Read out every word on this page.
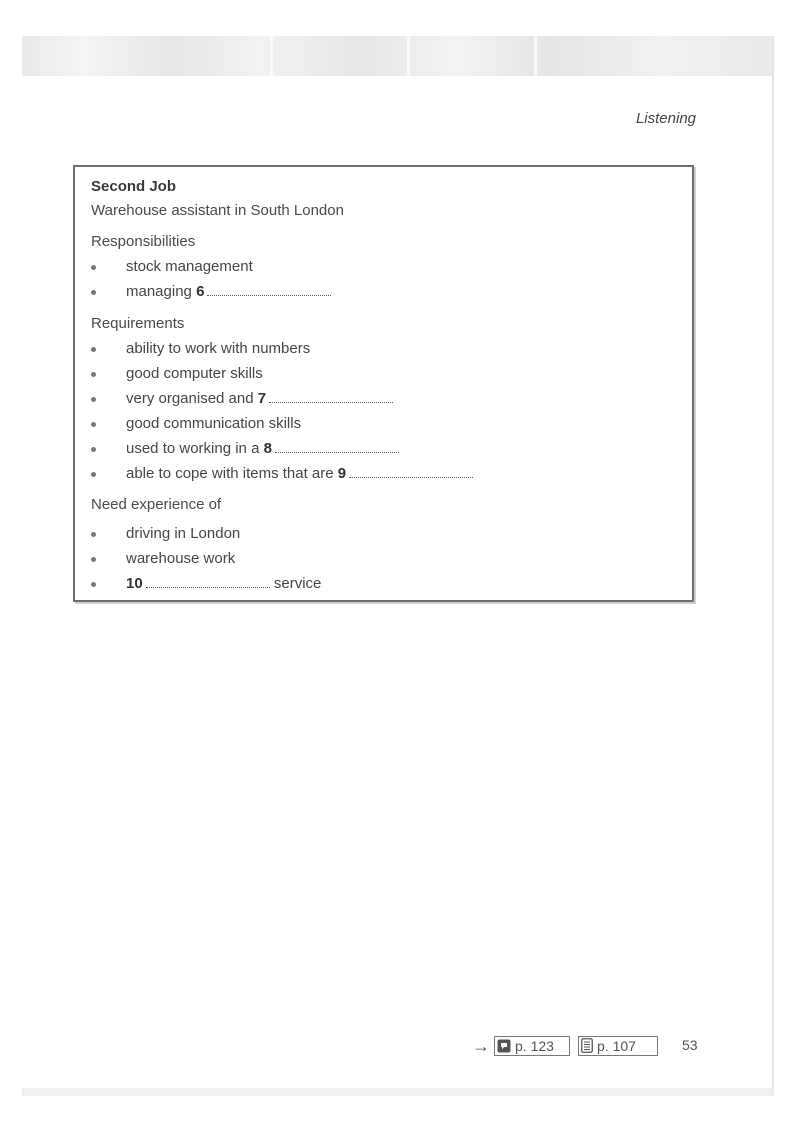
Listening
Second Job
Warehouse assistant in South London
Responsibilities
stock management
managing 6
Requirements
ability to work with numbers
good computer skills
very organised and 7
good communication skills
used to working in a 8
able to cope with items that are 9
Need experience of
driving in London
warehouse work
10	service
→	p. 123	p. 107	53
